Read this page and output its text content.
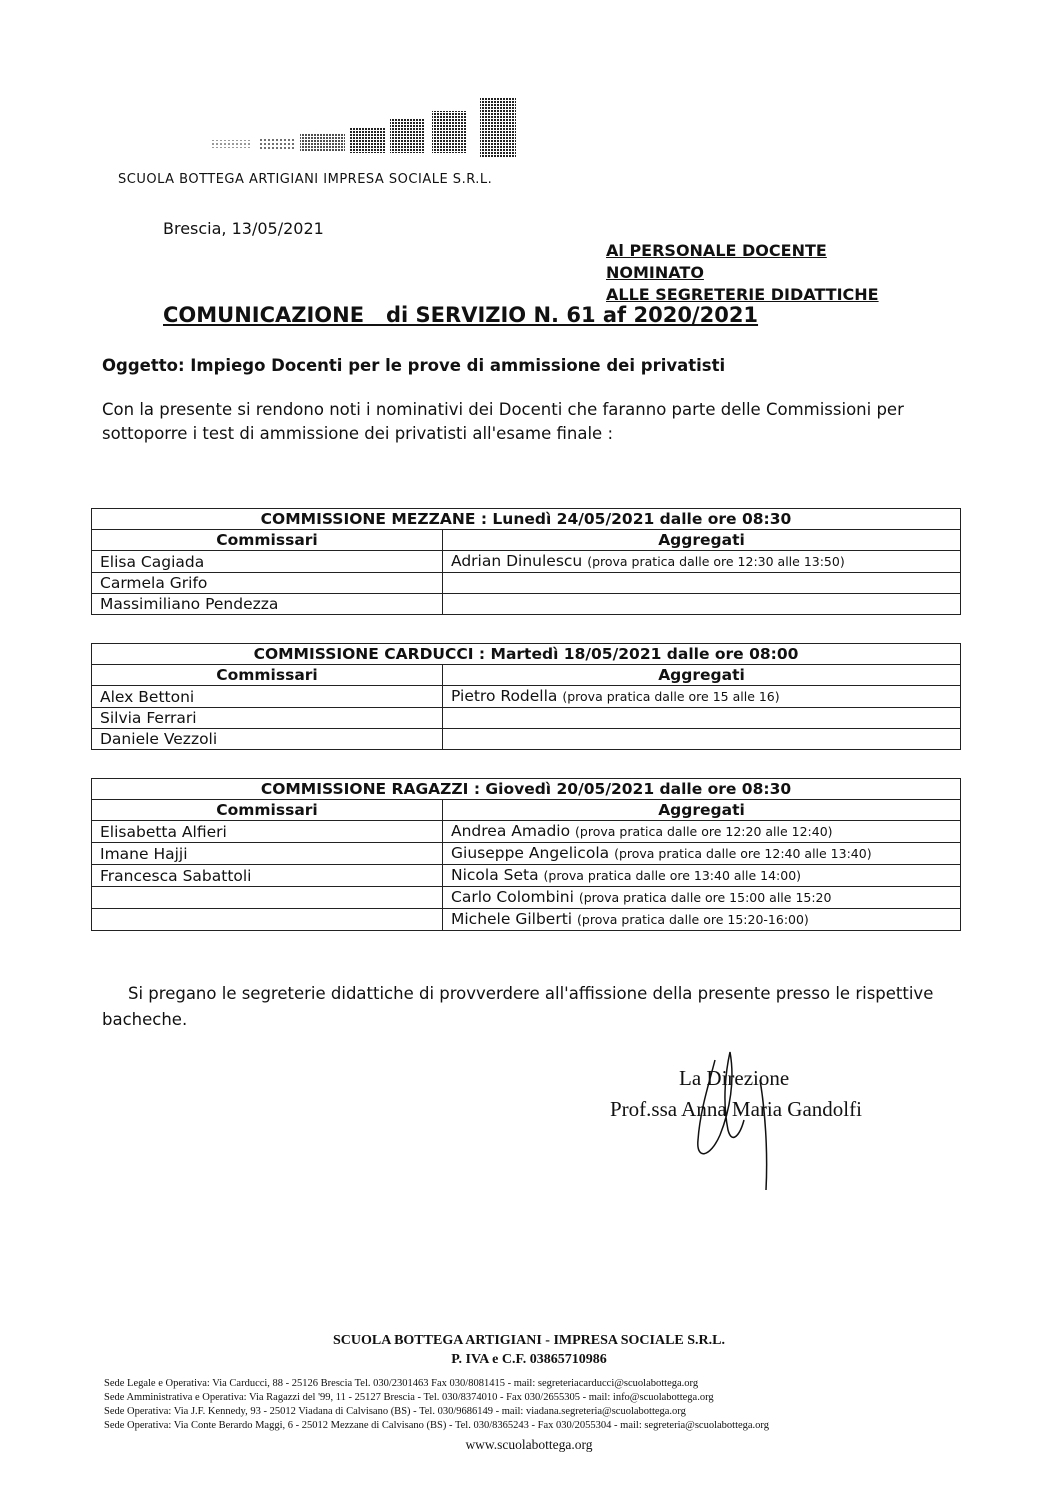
SCUOLA BOTTEGA ARTIGIANI IMPRESA SOCIALE S.R.L.
Brescia, 13/05/2021
Al PERSONALE DOCENTE
NOMINATO
ALLE SEGRETERIE DIDATTICHE
COMUNICAZIONE   di SERVIZIO N. 61 af 2020/2021
Oggetto: Impiego Docenti per le prove di ammissione dei privatisti
Con la presente si rendono noti i nominativi dei Docenti che faranno parte delle Commissioni per sottoporre i test di ammissione dei privatisti all'esame finale :
COMMISSIONE MEZZANE : Lunedì 24/05/2021 dalle ore 08:30	
Commissari	Aggregati
Elisa Cagiada	Adrian Dinulescu (prova pratica dalle ore 12:30 alle 13:50)
Carmela Grifo	
Massimiliano Pendezza	
COMMISSIONE CARDUCCI : Martedì 18/05/2021 dalle ore 08:00	
Commissari	Aggregati
Alex Bettoni	Pietro Rodella (prova pratica dalle ore 15 alle 16)
Silvia Ferrari	
Daniele Vezzoli	
COMMISSIONE RAGAZZI : Giovedì 20/05/2021 dalle ore 08:30	
Commissari	Aggregati
Elisabetta Alfieri	Andrea Amadio (prova pratica dalle ore 12:20 alle 12:40)
Imane Hajji	Giuseppe Angelicola (prova pratica dalle ore 12:40 alle 13:40)
Francesca Sabattoli	Nicola Seta (prova pratica dalle ore 13:40 alle 14:00)
	Carlo Colombini (prova pratica dalle ore 15:00 alle 15:20
	Michele Gilberti (prova pratica dalle ore 15:20-16:00)
Si pregano le segreterie didattiche di provverdere all'affissione della presente presso le rispettive bacheche.
La Direzione
Prof.ssa Anna Maria Gandolfi
SCUOLA BOTTEGA ARTIGIANI - IMPRESA SOCIALE S.R.L.
P. IVA e C.F. 03865710986
Sede Legale e Operativa: Via Carducci, 88 - 25126 Brescia Tel. 030/2301463 Fax 030/8081415 - mail: segreteriacarducci@scuolabottega.org
Sede Amministrativa e Operativa: Via Ragazzi del '99, 11 - 25127 Brescia - Tel. 030/8374010 - Fax 030/2655305 - mail: info@scuolabottega.org
Sede Operativa: Via J.F. Kennedy, 93 - 25012 Viadana di Calvisano (BS) - Tel. 030/9686149 - mail: viadana.segreteria@scuolabottega.org
Sede Operativa: Via Conte Berardo Maggi, 6 - 25012 Mezzane di Calvisano (BS) - Tel. 030/8365243 - Fax 030/2055304 - mail: segreteria@scuolabottega.org
www.scuolabottega.org
